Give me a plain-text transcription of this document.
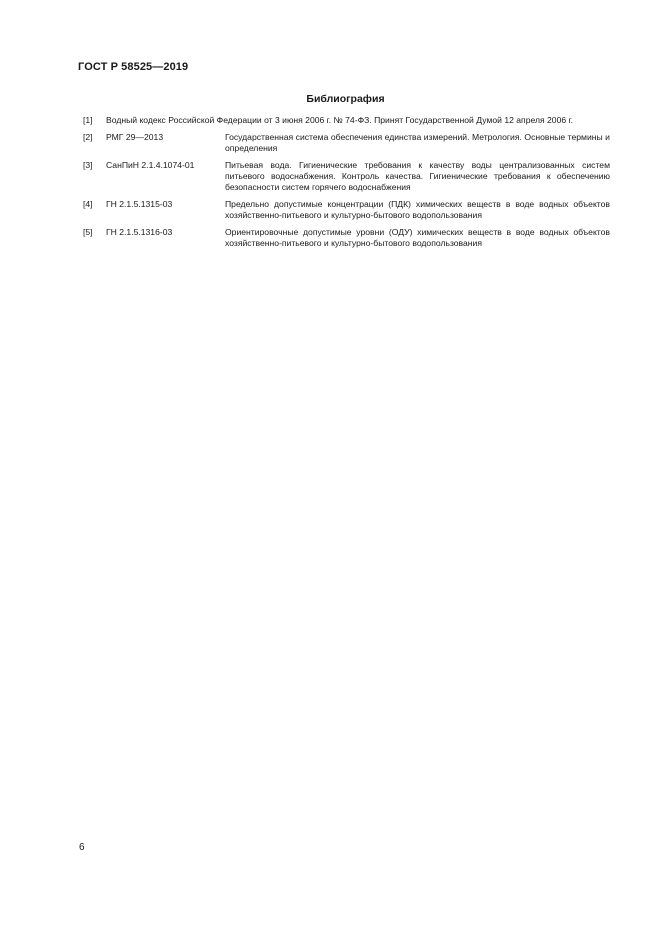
ГОСТ Р 58525—2019
Библиография
[1]	Водный кодекс Российской Федерации от 3 июня 2006 г. № 74-ФЗ. Принят Государственной Думой 12 апреля 2006 г.
[2]	РМГ 29—2013	Государственная система обеспечения единства измерений. Метрология. Основные термины и определения
[3]	СанПиН 2.1.4.1074-01	Питьевая вода. Гигиенические требования к качеству воды централизованных систем питьевого водоснабжения. Контроль качества. Гигиенические требования к обеспечению безопасности систем горячего водоснабжения
[4]	ГН 2.1.5.1315-03	Предельно допустимые концентрации (ПДК) химических веществ в воде водных объектов хозяйственно-питьевого и культурно-бытового водопользования
[5]	ГН 2.1.5.1316-03	Ориентировочные допустимые уровни (ОДУ) химических веществ в воде водных объектов хозяйственно-питьевого и культурно-бытового водопользования
6
